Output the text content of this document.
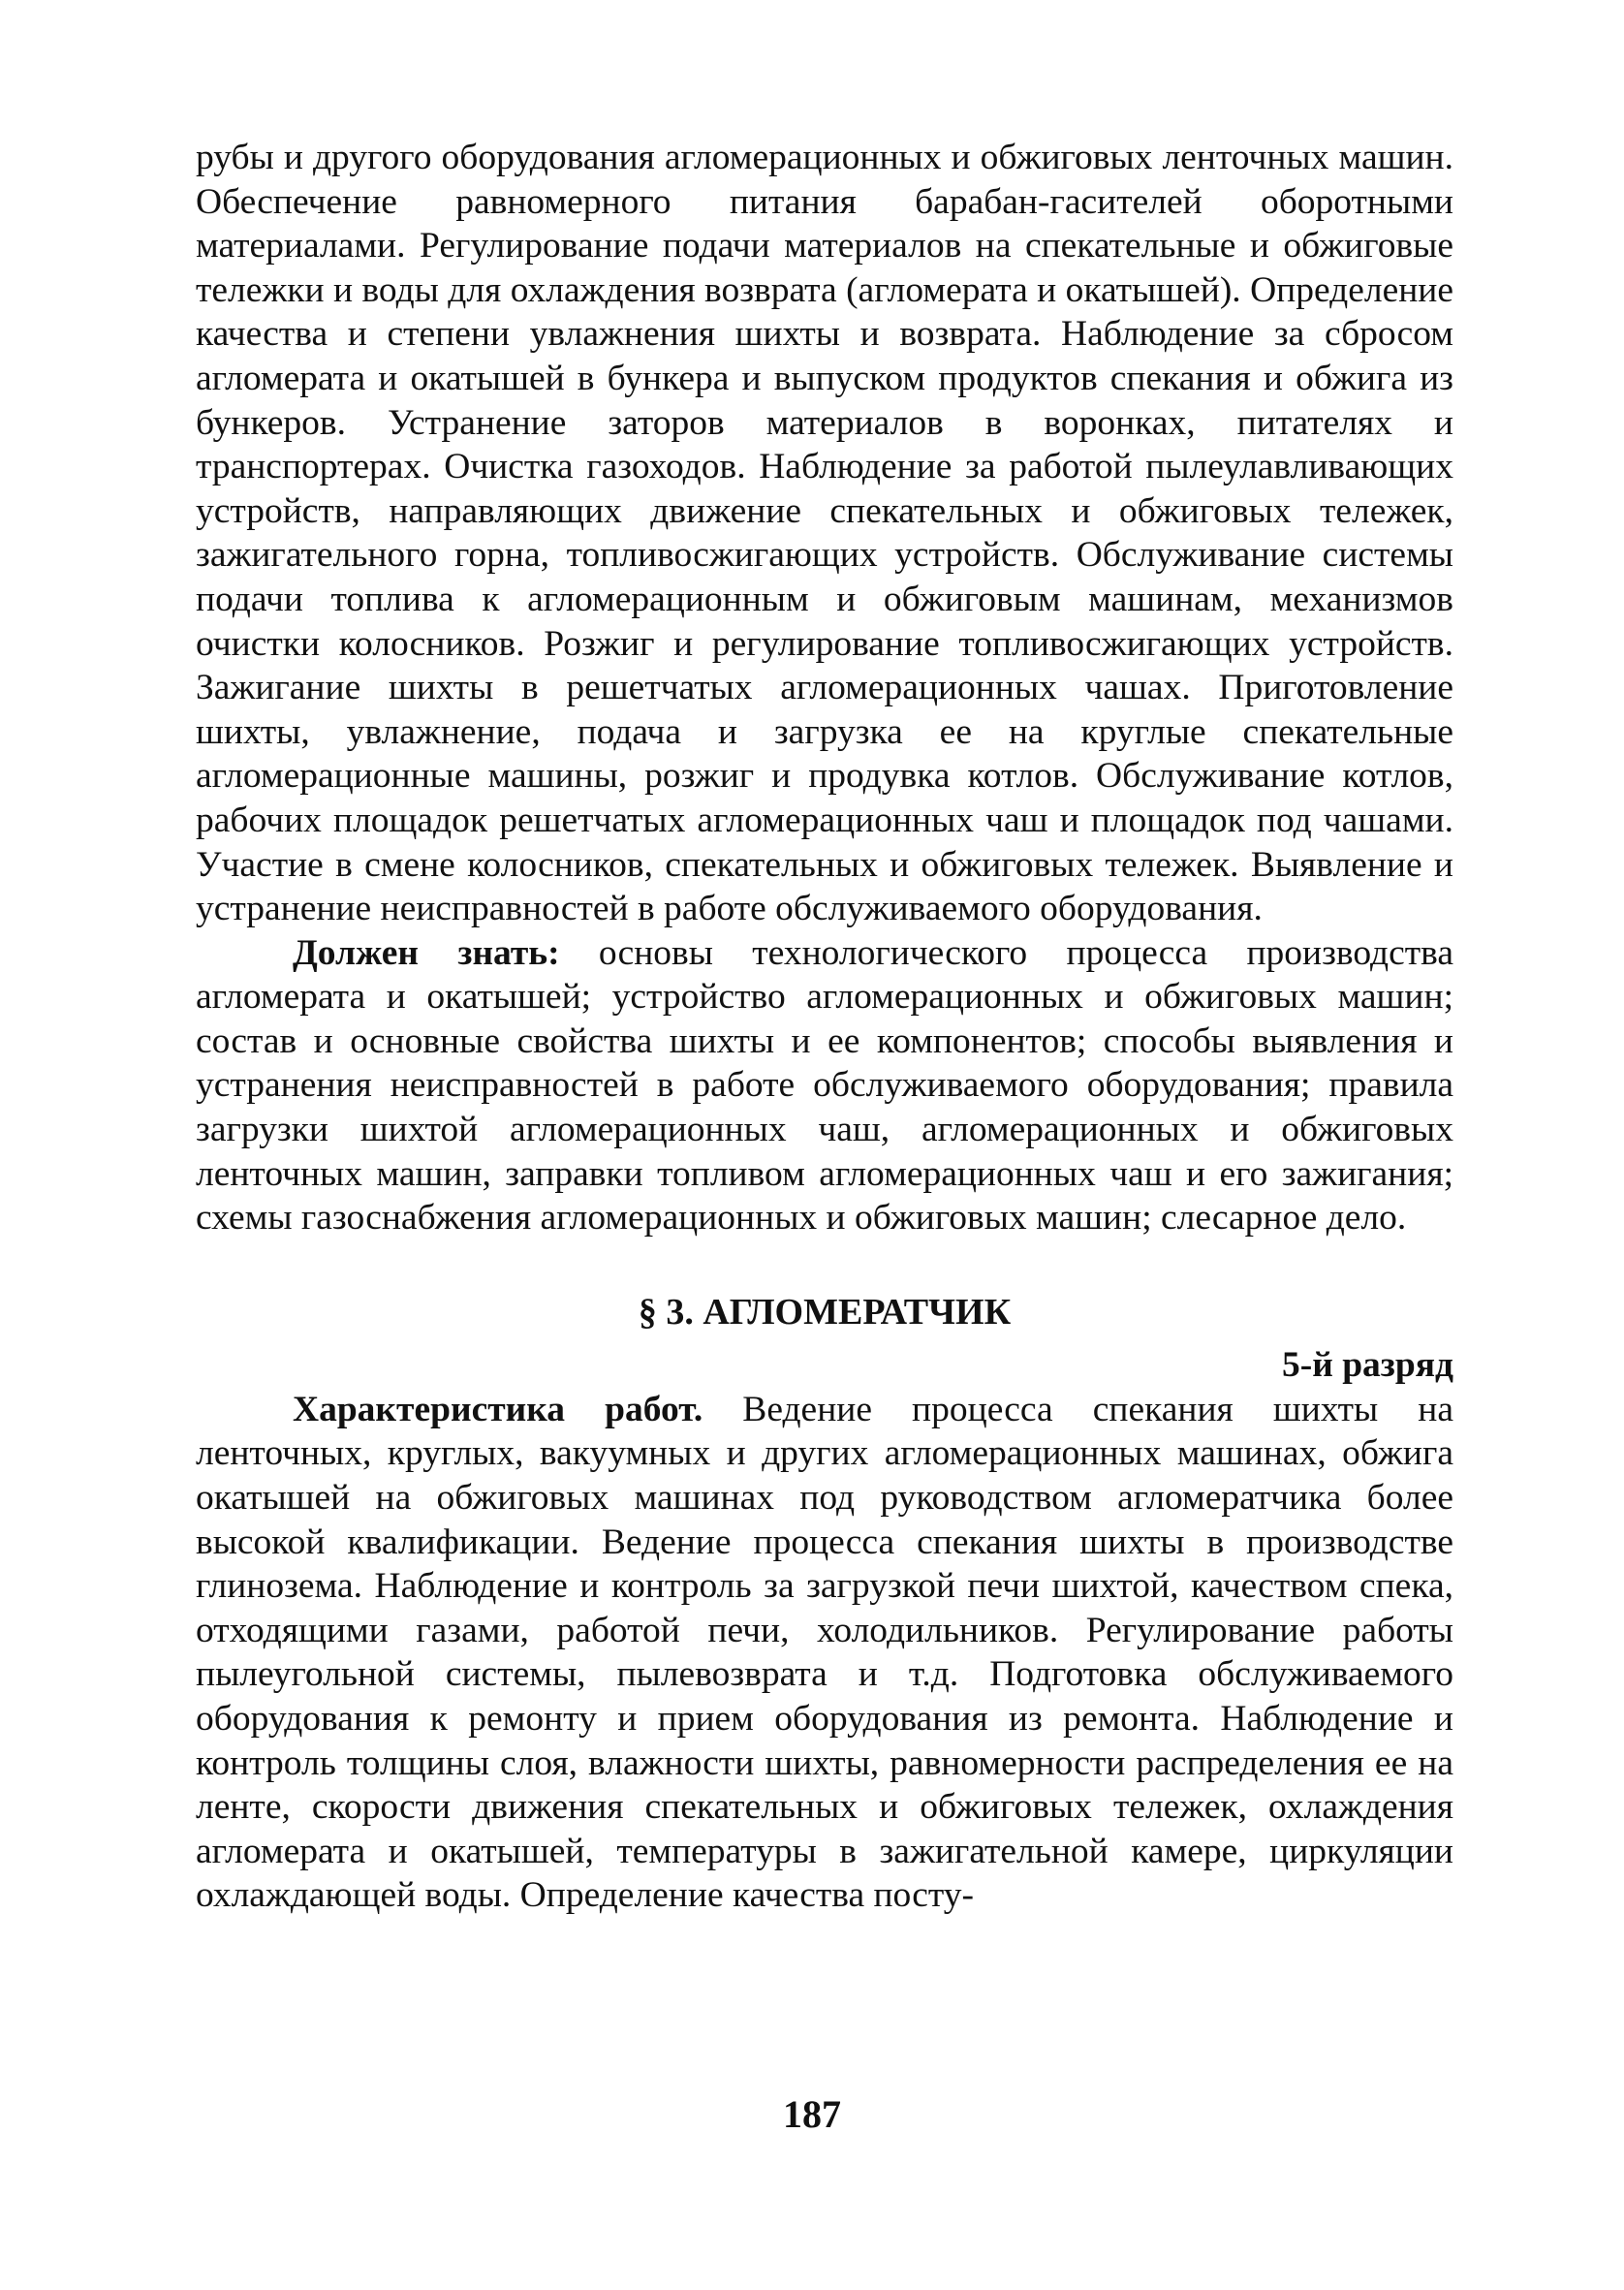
рубы и другого оборудования агломерационных и обжиговых ленточных машин. Обеспечение равномерного питания барабан-гасителей оборотными материалами. Регулирование подачи материалов на спекательные и обжиговые тележки и воды для охлаждения возврата (агломерата и окатышей). Определение качества и степени увлажнения шихты и возврата. Наблюдение за сбросом агломерата и окатышей в бункера и выпуском продуктов спекания и обжига из бункеров. Устранение заторов материалов в воронках, питателях и транспортерах. Очистка газоходов. Наблюдение за работой пылеулавливающих устройств, направляющих движение спекательных и обжиговых тележек, зажигательного горна, топливосжигающих устройств. Обслуживание системы подачи топлива к агломерационным и обжиговым машинам, механизмов очистки колосников. Розжиг и регулирование топливосжигающих устройств. Зажигание шихты в решетчатых агломерационных чашах. Приготовление шихты, увлажнение, подача и загрузка ее на круглые спекательные агломерационные машины, розжиг и продувка котлов. Обслуживание котлов, рабочих площадок решетчатых агломерационных чаш и площадок под чашами. Участие в смене колосников, спекательных и обжиговых тележек. Выявление и устранение неисправностей в работе обслуживаемого оборудования.

Должен знать: основы технологического процесса производства агломерата и окатышей; устройство агломерационных и обжиговых машин; состав и основные свойства шихты и ее компонентов; способы выявления и устранения неисправностей в работе обслуживаемого оборудования; правила загрузки шихтой агломерационных чаш, агломерационных и обжиговых ленточных машин, заправки топливом агломерационных чаш и его зажигания; схемы газоснабжения агломерационных и обжиговых машин; слесарное дело.

§ 3. АГЛОМЕРАТЧИК
5-й разряд

Характеристика работ. Ведение процесса спекания шихты на ленточных, круглых, вакуумных и других агломерационных машинах, обжига окатышей на обжиговых машинах под руководством агломератчика более высокой квалификации. Ведение процесса спекания шихты в производстве глинозема. Наблюдение и контроль за загрузкой печи шихтой, качеством спека, отходящими газами, работой печи, холодильников. Регулирование работы пылеугольной системы, пылевозврата и т.д. Подготовка обслуживаемого оборудования к ремонту и прием оборудования из ремонта. Наблюдение и контроль толщины слоя, влажности шихты, равномерности распределения ее на ленте, скорости движения спекательных и обжиговых тележек, охлаждения агломерата и окатышей, температуры в зажигательной камере, циркуляции охлаждающей воды. Определение качества посту-

187
